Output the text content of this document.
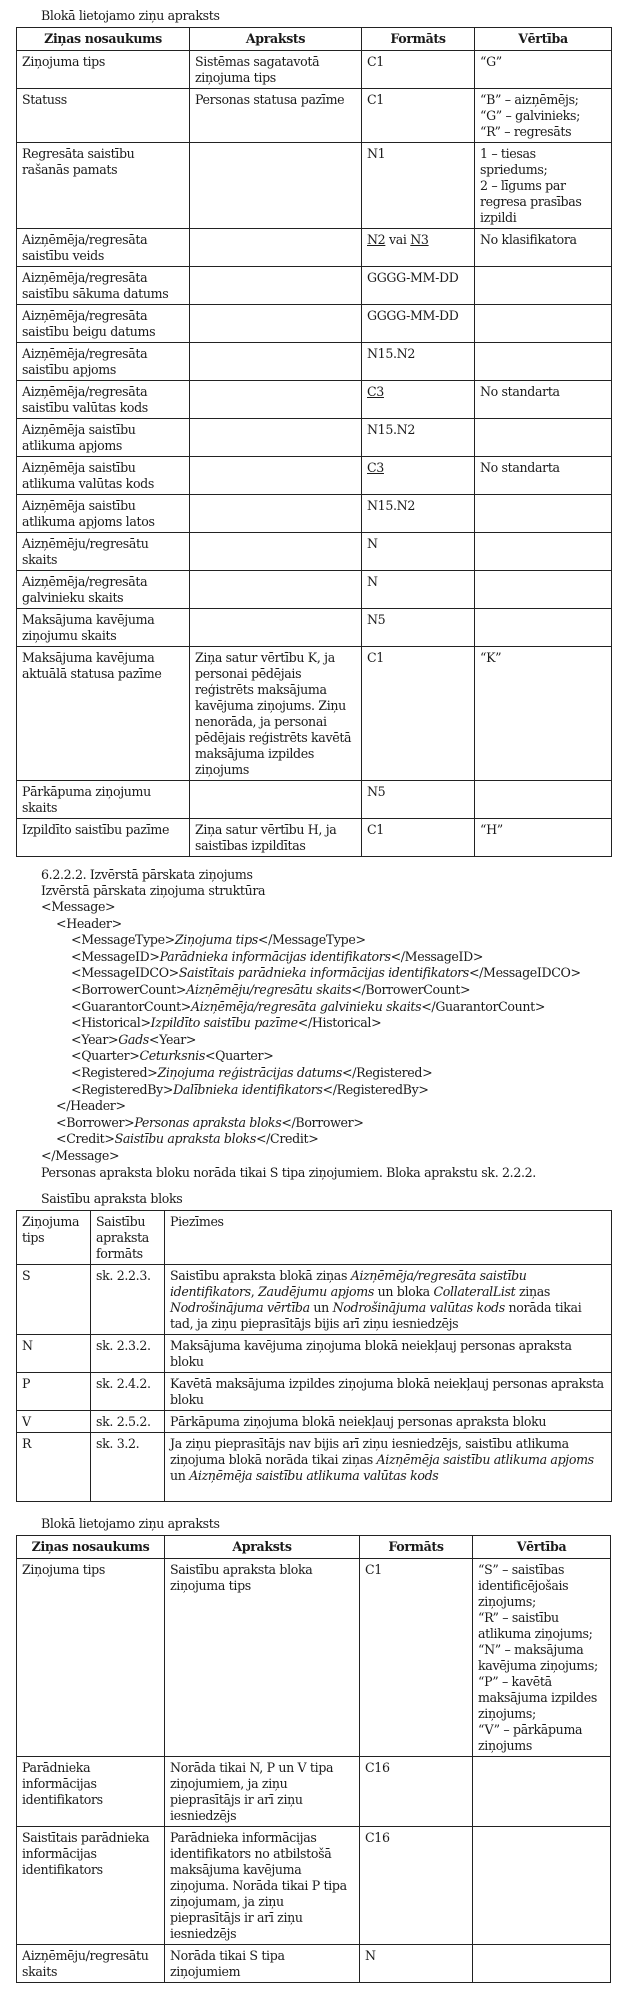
Blokā lietojamo ziņu apraksts
Ziņas nosaukums	Apraksts	Formāts	Vērtība
Ziņojuma tips	Sistēmas sagatavotā ziņojuma tips	C1	“G”
Statuss	Personas statusa pazīme	C1	“B” – aizņēmējs;
“G” – galvinieks;
“R” – regresāts
Regresāta saistību rašanās pamats		N1	1 – tiesas spriedums;
2 – līgums par regresa prasības izpildi
Aizņēmēja/regresāta saistību veids		N2 vai N3	No klasifikatora
Aizņēmēja/regresāta saistību sākuma datums		GGGG-MM-DD	
Aizņēmēja/regresāta saistību beigu datums		GGGG-MM-DD	
Aizņēmēja/regresāta saistību apjoms		N15.N2	
Aizņēmēja/regresāta saistību valūtas kods		C3	No standarta
Aizņēmēja saistību atlikuma apjoms		N15.N2	
Aizņēmēja saistību atlikuma valūtas kods		C3	No standarta
Aizņēmēja saistību atlikuma apjoms latos		N15.N2	
Aizņēmēju/regresātu skaits		N	
Aizņēmēja/regresāta galvinieku skaits		N	
Maksājuma kavējuma ziņojumu skaits		N5	
Maksājuma kavējuma aktuālā statusa pazīme	Ziņa satur vērtību K, ja personai pēdējais reģistrēts maksājuma kavējuma ziņojums. Ziņu nenorāda, ja personai pēdējais reģistrēts kavētā maksājuma izpildes ziņojums	C1	“K”
Pārkāpuma ziņojumu skaits		N5	
Izpildīto saistību pazīme	Ziņa satur vērtību H, ja saistības izpildītas	C1	“H”
6.2.2.2. Izvērstā pārskata ziņojums
Izvērstā pārskata ziņojuma struktūra
<Message>
<Header>
<MessageType>Ziņojuma tips</MessageType>
<MessageID>Parādnieka informācijas identifikators</MessageID>
<MessageIDCO>Saistītais parādnieka informācijas identifikators</MessageIDCO>
<BorrowerCount>Aizņēmēju/regresātu skaits</BorrowerCount>
<GuarantorCount>Aizņēmēja/regresāta galvinieku skaits</GuarantorCount>
<Historical>Izpildīto saistību pazīme</Historical>
<Year>Gads<Year>
<Quarter>Ceturksnis<Quarter>
<Registered>Ziņojuma reģistrācijas datums</Registered>
<RegisteredBy>Dalībnieka identifikators</RegisteredBy>
</Header>
<Borrower>Personas apraksta bloks</Borrower>
<Credit>Saistību apraksta bloks</Credit>
</Message>
Personas apraksta bloku norāda tikai S tipa ziņojumiem. Bloka aprakstu sk. 2.2.2.
Saistību apraksta bloks
Ziņojuma tips	Saistību apraksta formāts	Piezīmes
S	sk. 2.2.3.	Saistību apraksta blokā ziņas Aizņēmēja/regresāta saistību identifikators, Zaudējumu apjoms un bloka CollateralList ziņas Nodrošinājuma vērtība un Nodrošinājuma valūtas kods norāda tikai tad, ja ziņu pieprasītājs bijis arī ziņu iesniedzējs
N	sk. 2.3.2.	Maksājuma kavējuma ziņojuma blokā neiekļauj personas apraksta bloku
P	sk. 2.4.2.	Kavētā maksājuma izpildes ziņojuma blokā neiekļauj personas apraksta bloku
V	sk. 2.5.2.	Pārkāpuma ziņojuma blokā neiekļauj personas apraksta bloku
R	sk. 3.2.	Ja ziņu pieprasītājs nav bijis arī ziņu iesniedzējs, saistību atlikuma ziņojuma blokā norāda tikai ziņas Aizņēmēja saistību atlikuma apjoms un Aizņēmēja saistību atlikuma valūtas kods
Blokā lietojamo ziņu apraksts
Ziņas nosaukums	Apraksts	Formāts	Vērtība
Ziņojuma tips	Saistību apraksta bloka ziņojuma tips	C1	“S” – saistības identificējošais ziņojums;
“R” – saistību atlikuma ziņojums;
“N” – maksājuma kavējuma ziņojums;
“P” – kavētā maksājuma izpildes ziņojums;
“V” – pārkāpuma ziņojums
Parādnieka informācijas identifikators	Norāda tikai N, P un V tipa ziņojumiem, ja ziņu pieprasītājs ir arī ziņu iesniedzējs	C16	
Saistītais parādnieka informācijas identifikators	Parādnieka informācijas identifikators no atbilstošā maksājuma kavējuma ziņojuma. Norāda tikai P tipa ziņojumam, ja ziņu pieprasītājs ir arī ziņu iesniedzējs	C16	
Aizņēmēju/regresātu skaits	Norāda tikai S tipa ziņojumiem	N	
